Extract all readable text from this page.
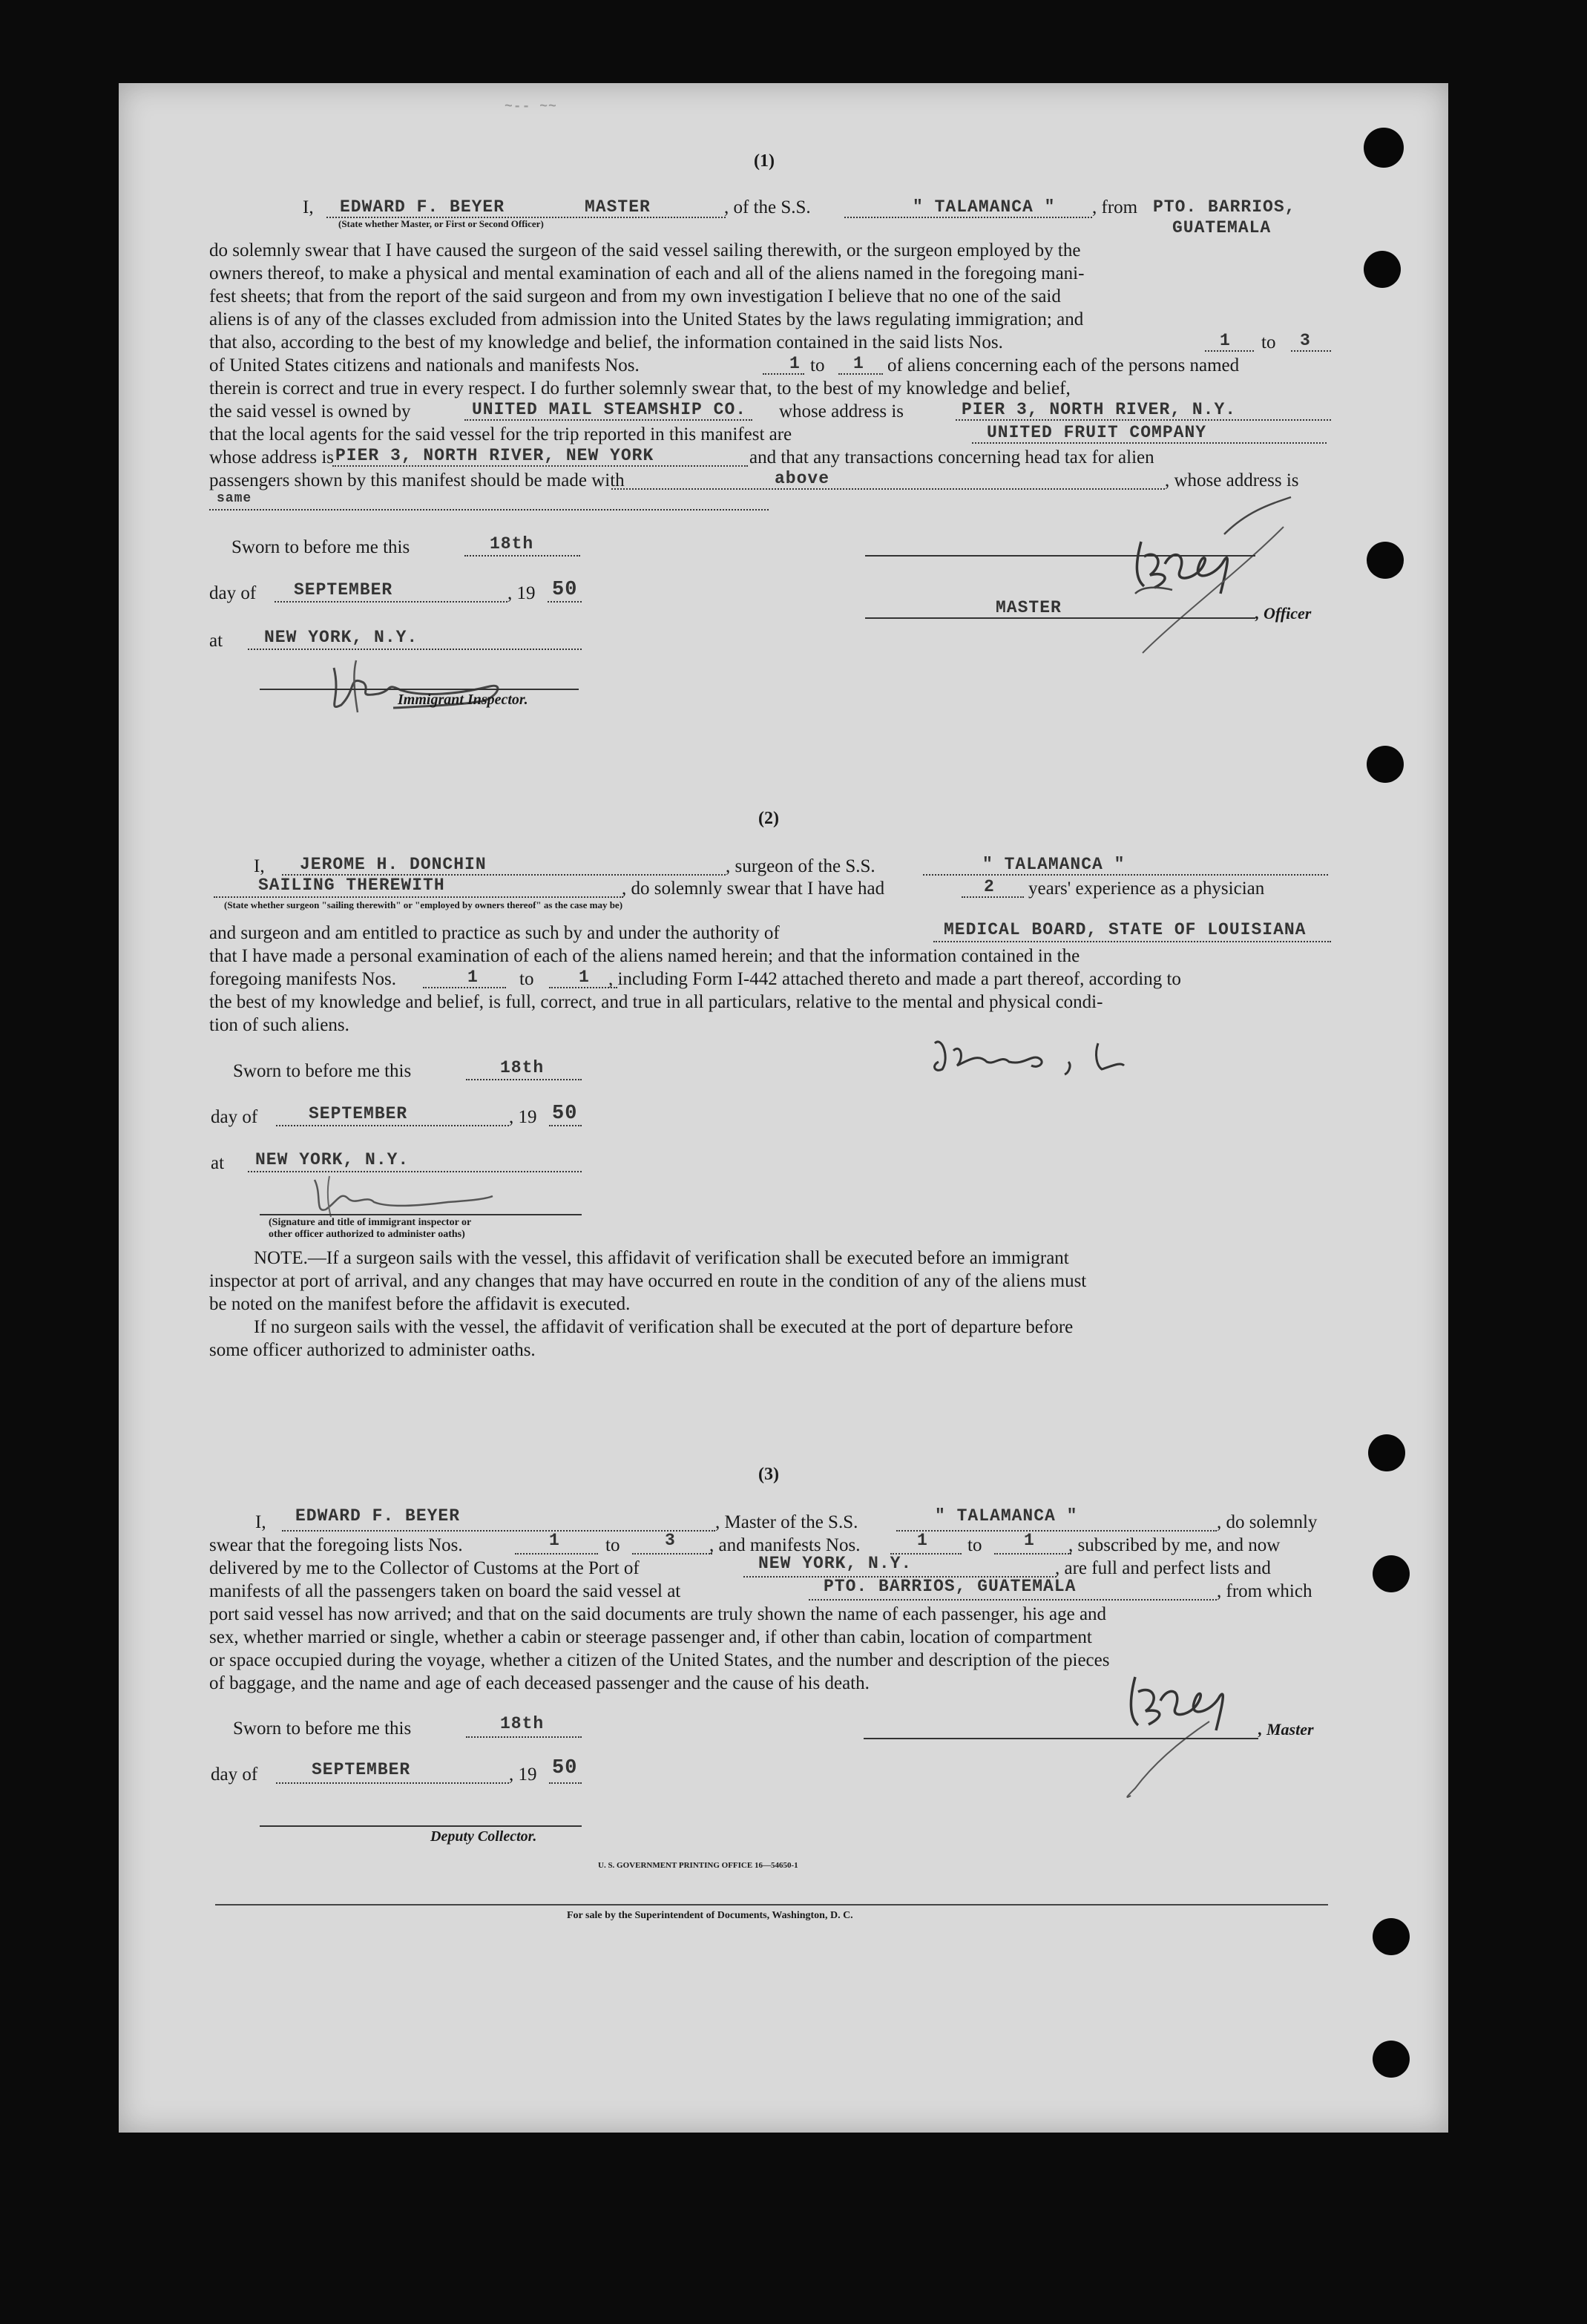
~-- ~~
(1)
I, EDWARD F. BEYER	MASTER	, of the S.S.	" TALAMANCA " , from PTO. BARRIOS,
(State whether Master, or First or Second Officer)	GUATEMALA
do solemnly swear that I have caused the surgeon of the said vessel sailing therewith, or the surgeon employed by the
owners thereof, to make a physical and mental examination of each and all of the aliens named in the foregoing mani-
fest sheets; that from the report of the said surgeon and from my own investigation I believe that no one of the said
aliens is of any of the classes excluded from admission into the United States by the laws regulating immigration; and
that also, according to the best of my knowledge and belief, the information contained in the said lists Nos.	1 to 3
of United States citizens and nationals and manifests Nos.	1 to 1 of aliens concerning each of the persons named
therein is correct and true in every respect. I do further solemnly swear that, to the best of my knowledge and belief,
the said vessel is owned by	UNITED MAIL STEAMSHIP CO. whose address is	PIER 3, NORTH RIVER, N.Y.
that the local agents for the said vessel for the trip reported in this manifest are	UNITED FRUIT COMPANY
whose address is PIER 3, NORTH RIVER, NEW YORK	and that any transactions concerning head tax for alien
passengers shown by this manifest should be made with	above	, whose address is
same
Sworn to before me this	18th
day of SEPTEMBER	, 19 50
at NEW YORK, N.Y.
Immigrant Inspector.
MASTER	, Officer
(2)
I, JEROME H. DONCHIN	, surgeon of the S.S.	" TALAMANCA "
SAILING THEREWITH	, do solemnly swear that I have had	2 years' experience as a physician
(State whether surgeon "sailing therewith" or "employed by owners thereof" as the case may be)
and surgeon and am entitled to practice as such by and under the authority of	MEDICAL BOARD, STATE OF LOUISIANA
that I have made a personal examination of each of the aliens named herein; and that the information contained in the
foregoing manifests Nos.	1 to	1 , including Form I-442 attached thereto and made a part thereof, according to
the best of my knowledge and belief, is full, correct, and true in all particulars, relative to the mental and physical condi-
tion of such aliens.
Sworn to before me this	18th
day of	SEPTEMBER	, 19 50
at NEW YORK, N.Y.
(Signature and title of immigrant inspector or
other officer authorized to administer oaths)
NOTE.—If a surgeon sails with the vessel, this affidavit of verification shall be executed before an immigrant
inspector at port of arrival, and any changes that may have occurred en route in the condition of any of the aliens must
be noted on the manifest before the affidavit is executed.
If no surgeon sails with the vessel, the affidavit of verification shall be executed at the port of departure before
some officer authorized to administer oaths.
(3)
I, EDWARD F. BEYER	, Master of the S.S.	" TALAMANCA "	, do solemnly
swear that the foregoing lists Nos.	1 to	3 , and manifests Nos.	1 to 1 , subscribed by me, and now
delivered by me to the Collector of Customs at the Port of	NEW YORK, N.Y.	, are full and perfect lists and
manifests of all the passengers taken on board the said vessel at	PTO. BARRIOS, GUATEMALA	, from which
port said vessel has now arrived; and that on the said documents are truly shown the name of each passenger, his age and
sex, whether married or single, whether a cabin or steerage passenger and, if other than cabin, location of compartment
or space occupied during the voyage, whether a citizen of the United States, and the number and description of the pieces
of baggage, and the name and age of each deceased passenger and the cause of his death.
Sworn to before me this	18th
day of	SEPTEMBER	, 19 50
Deputy Collector.
, Master
U. S. GOVERNMENT PRINTING OFFICE 16—54650-1
For sale by the Superintendent of Documents, Washington, D. C.
